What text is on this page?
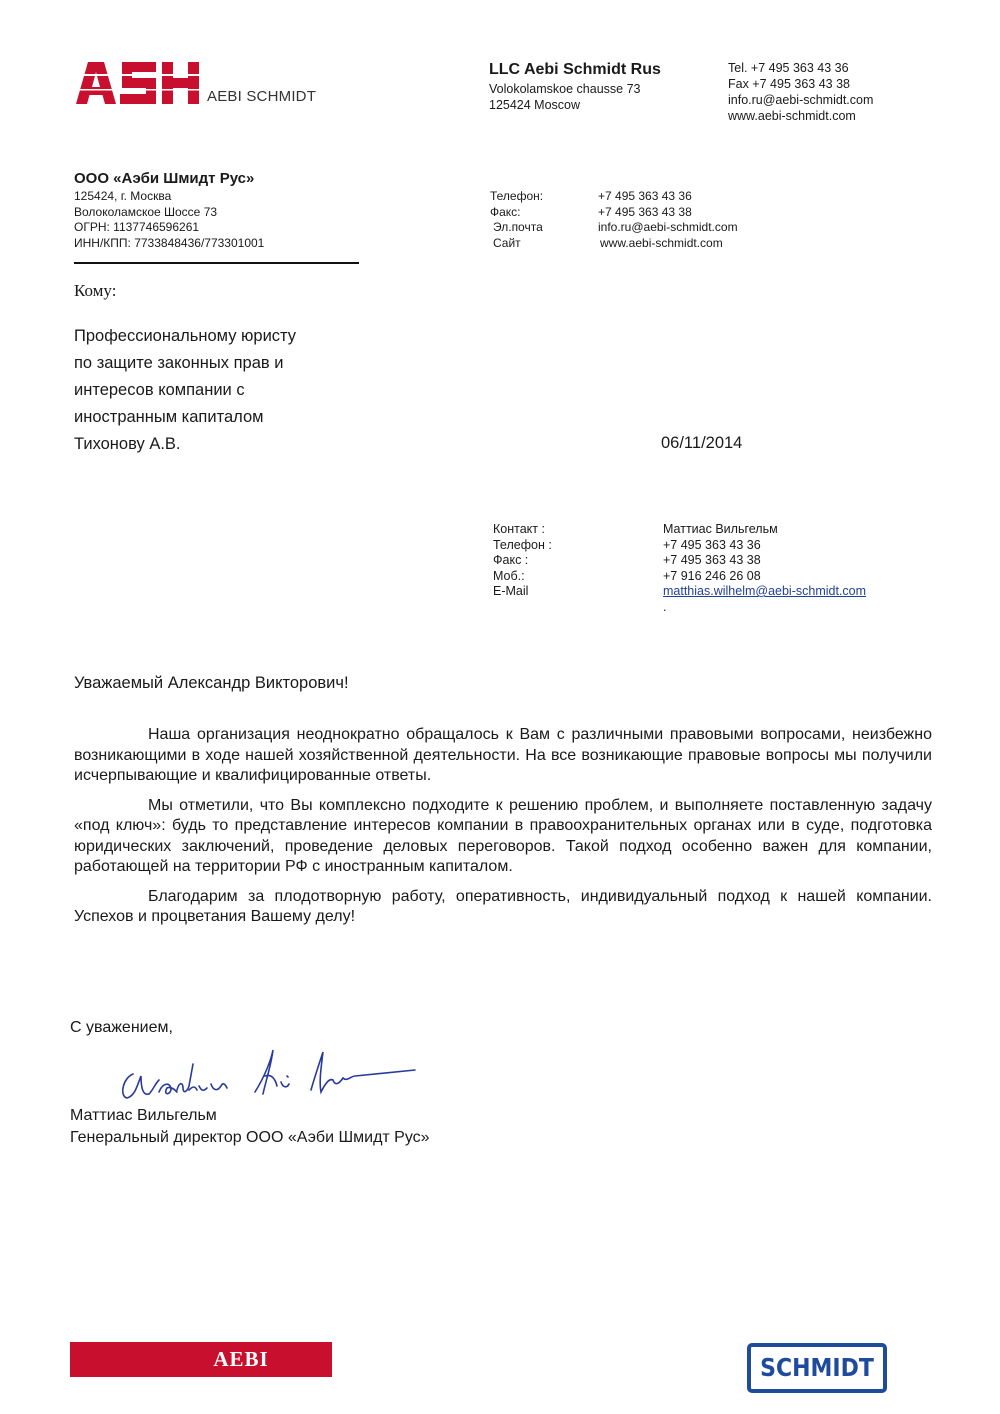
AEBI SCHMIDT
LLC Aebi Schmidt Rus
Volokolamskoe chausse 73
125424 Moscow
Tel. +7 495 363 43 36
Fax +7 495 363 43 38
info.ru@aebi-schmidt.com
www.aebi-schmidt.com
ООО «Аэби Шмидт Рус»
125424, г. Москва
Волоколамское Шоссе 73
ОГРН: 1137746596261
ИНН/КПП: 7733848436/773301001
Телефон:	+7 495 363 43 36
Факс:	+7 495 363 43 38
Эл.почта	info.ru@aebi-schmidt.com
Сайт	www.aebi-schmidt.com
Кому:
Профессиональному юристу
по защите законных прав и
интересов компании с
иностранным капиталом
Тихонову А.В.	06/11/2014
Контакт :	Маттиас Вильгельм
Телефон :	+7 495 363 43 36
Факс :	+7 495 363 43 38
Моб.:	+7 916 246 26 08
E-Mail	matthias.wilhelm@aebi-schmidt.com
.
Уважаемый Александр Викторович!

Наша организация неоднократно обращалось к Вам с различными правовыми вопросами, неизбежно возникающими в ходе нашей хозяйственной деятельности. На все возникающие правовые вопросы мы получили исчерпывающие и квалифицированные ответы.

Мы отметили, что Вы комплексно подходите к решению проблем, и выполняете поставленную задачу «под ключ»: будь то представление интересов компании в правоохранительных органах или в суде, подготовка юридических заключений, проведение деловых переговоров. Такой подход особенно важен для компании, работающей на территории РФ с иностранным капиталом.

Благодарим за плодотворную работу, оперативность, индивидуальный подход к нашей компании. Успехов и процветания Вашему делу!

С уважением,
Маттиас Вильгельм
Генеральный директор ООО «Аэби Шмидт Рус»
AEBI	SCHMIDT
